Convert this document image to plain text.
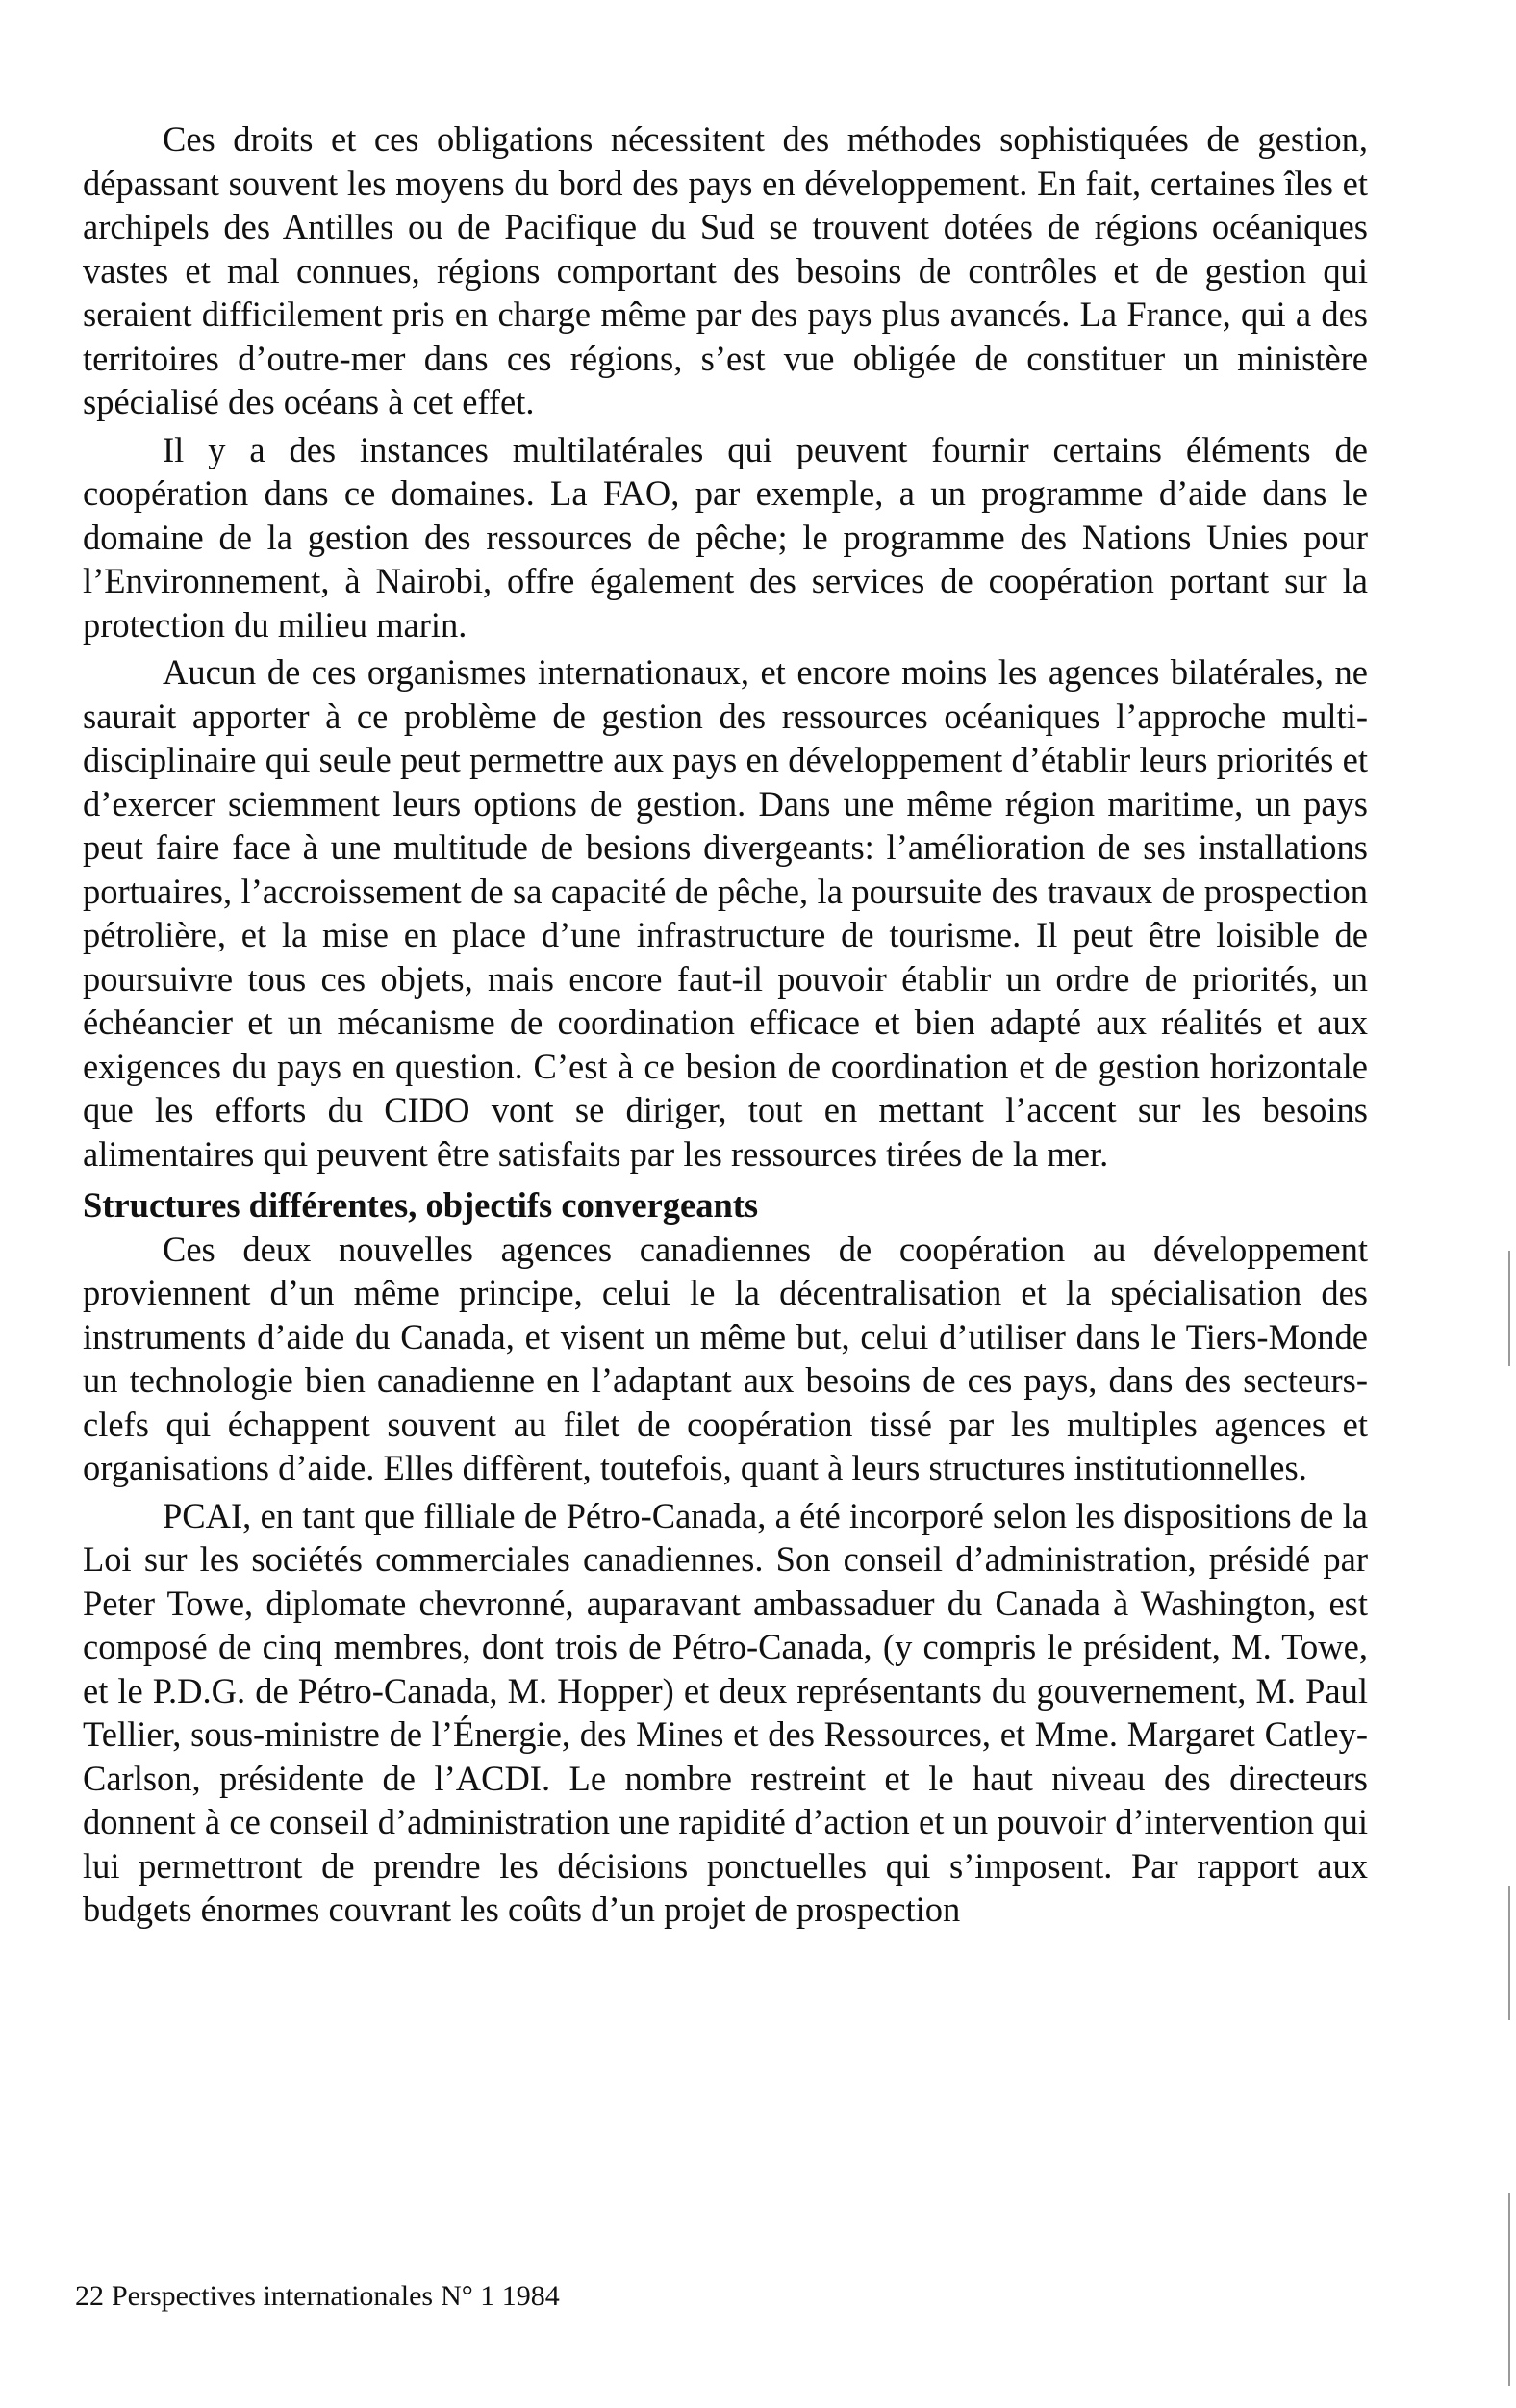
Ces droits et ces obligations nécessitent des méthodes sophistiquées de gestion, dépassant souvent les moyens du bord des pays en développement. En fait, certaines îles et archipels des Antilles ou de Pacifique du Sud se trouvent dotées de régions océaniques vastes et mal connues, régions comportant des besoins de contrôles et de gestion qui seraient difficilement pris en charge même par des pays plus avancés. La France, qui a des territoires d’outre-mer dans ces régions, s’est vue obligée de constituer un ministère spécialisé des océans à cet effet.

Il y a des instances multilatérales qui peuvent fournir certains éléments de coopération dans ce domaines. La FAO, par exemple, a un programme d’aide dans le domaine de la gestion des ressources de pêche; le programme des Nations Unies pour l’Environnement, à Nairobi, offre également des services de coopération portant sur la protection du milieu marin.

Aucun de ces organismes internationaux, et encore moins les agences bilatérales, ne saurait apporter à ce problème de gestion des ressources océaniques l’approche multi-disciplinaire qui seule peut permettre aux pays en développement d’établir leurs priorités et d’exercer sciemment leurs options de gestion. Dans une même région maritime, un pays peut faire face à une multitude de besions divergeants: l’amélioration de ses installations portuaires, l’accroissement de sa capacité de pêche, la poursuite des travaux de prospection pétrolière, et la mise en place d’une infrastructure de tourisme. Il peut être loisible de poursuivre tous ces objets, mais encore faut-il pouvoir établir un ordre de priorités, un échéancier et un mécanisme de coordination efficace et bien adapté aux réalités et aux exigences du pays en question. C’est à ce besion de coordination et de gestion horizontale que les efforts du CIDO vont se diriger, tout en mettant l’accent sur les besoins alimentaires qui peuvent être satisfaits par les ressources tirées de la mer.

Structures différentes, objectifs convergeants

Ces deux nouvelles agences canadiennes de coopération au développement proviennent d’un même principe, celui le la décentralisation et la spécialisation des instruments d’aide du Canada, et visent un même but, celui d’utiliser dans le Tiers-Monde un technologie bien canadienne en l’adaptant aux besoins de ces pays, dans des secteurs-clefs qui échappent souvent au filet de coopération tissé par les multiples agences et organisations d’aide. Elles diffèrent, toutefois, quant à leurs structures institutionnelles.

PCAI, en tant que filliale de Pétro-Canada, a été incorporé selon les dispositions de la Loi sur les sociétés commerciales canadiennes. Son conseil d’administration, présidé par Peter Towe, diplomate chevronné, auparavant ambassaduer du Canada à Washington, est composé de cinq membres, dont trois de Pétro-Canada, (y compris le président, M. Towe, et le P.D.G. de Pétro-Canada, M. Hopper) et deux représentants du gouvernement, M. Paul Tellier, sous-ministre de l’Énergie, des Mines et des Ressources, et Mme. Margaret Catley-Carlson, présidente de l’ACDI. Le nombre restreint et le haut niveau des directeurs donnent à ce conseil d’administration une rapidité d’action et un pouvoir d’intervention qui lui permettront de prendre les décisions ponctuelles qui s’imposent. Par rapport aux budgets énormes couvrant les coûts d’un projet de prospection

22 Perspectives internationales N° 1 1984
